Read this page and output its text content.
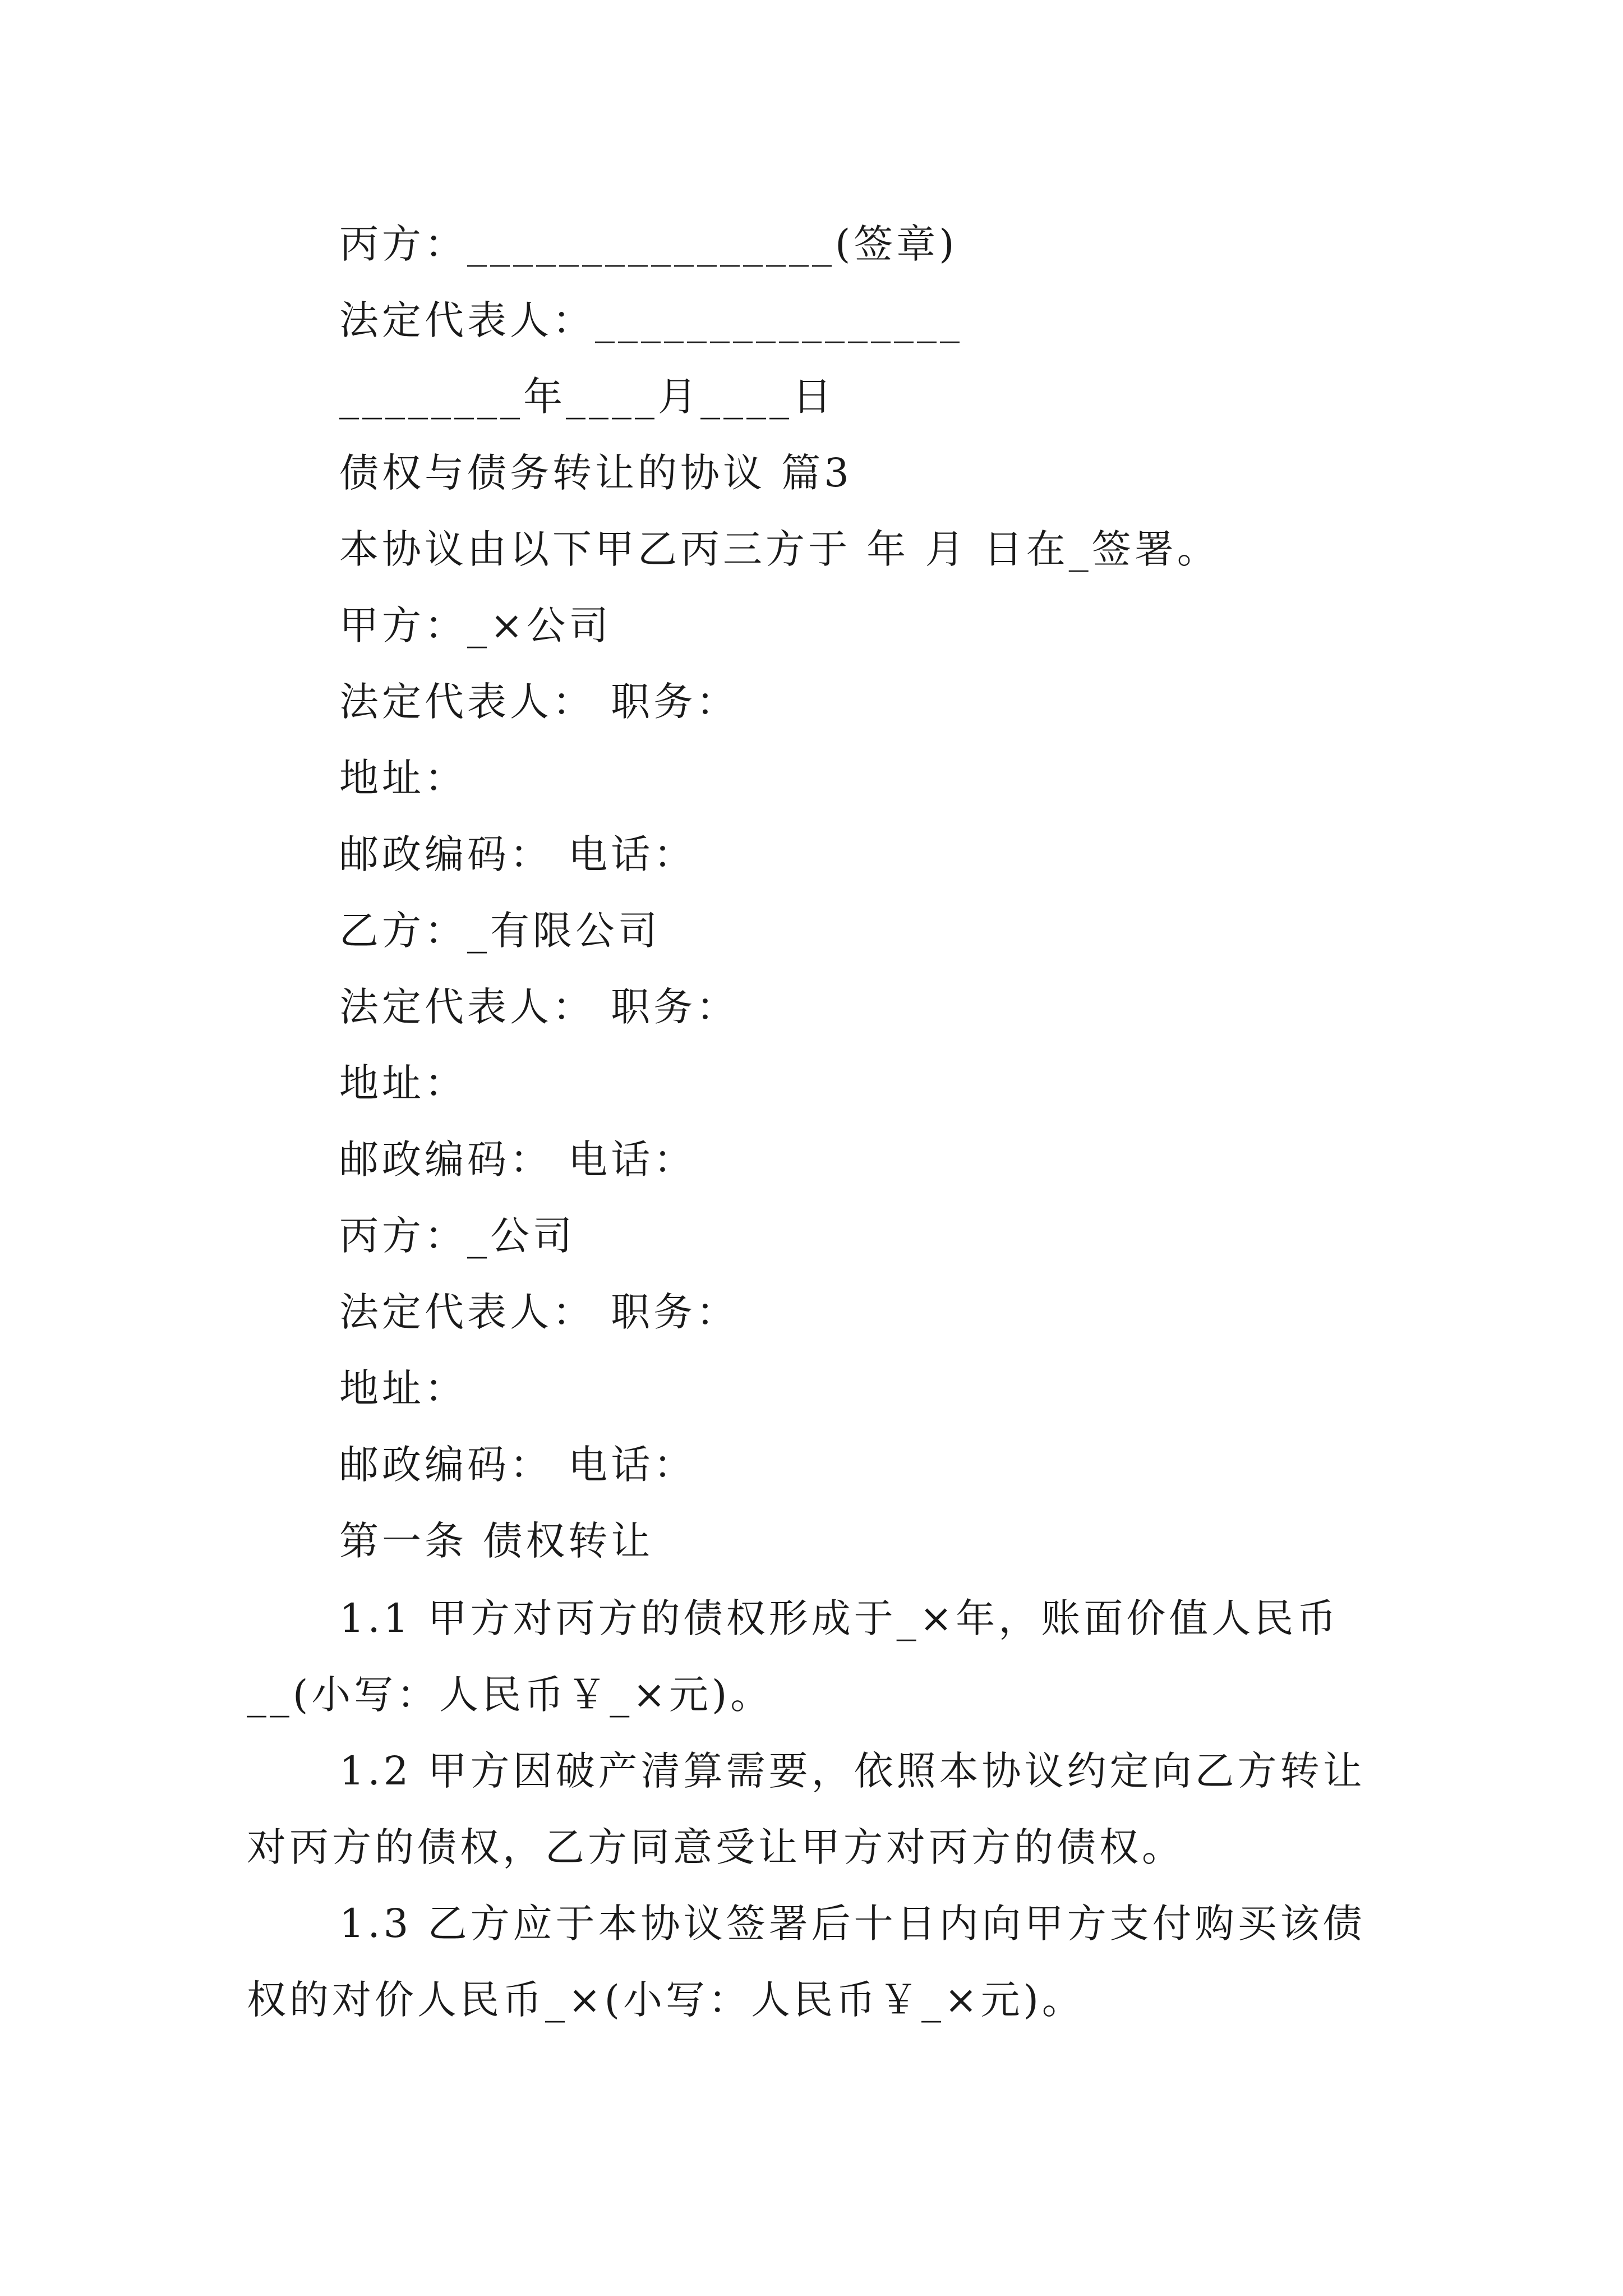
丙方：________________(签章)
法定代表人：________________
________年____月____日
债权与债务转让的协议 篇3
本协议由以下甲乙丙三方于 年 月 日在_签署。
甲方：_×公司
法定代表人： 职务：
地址：
邮政编码： 电话：
乙方：_有限公司
法定代表人： 职务：
地址：
邮政编码： 电话：
丙方：_公司
法定代表人： 职务：
地址：
邮政编码： 电话：
第一条 债权转让
1.1 甲方对丙方的债权形成于_×年，账面价值人民币__(小写：人民币￥_×元)。
1.2 甲方因破产清算需要，依照本协议约定向乙方转让对丙方的债权，乙方同意受让甲方对丙方的债权。
1.3 乙方应于本协议签署后十日内向甲方支付购买该债权的对价人民币_×(小写：人民币￥_×元)。
